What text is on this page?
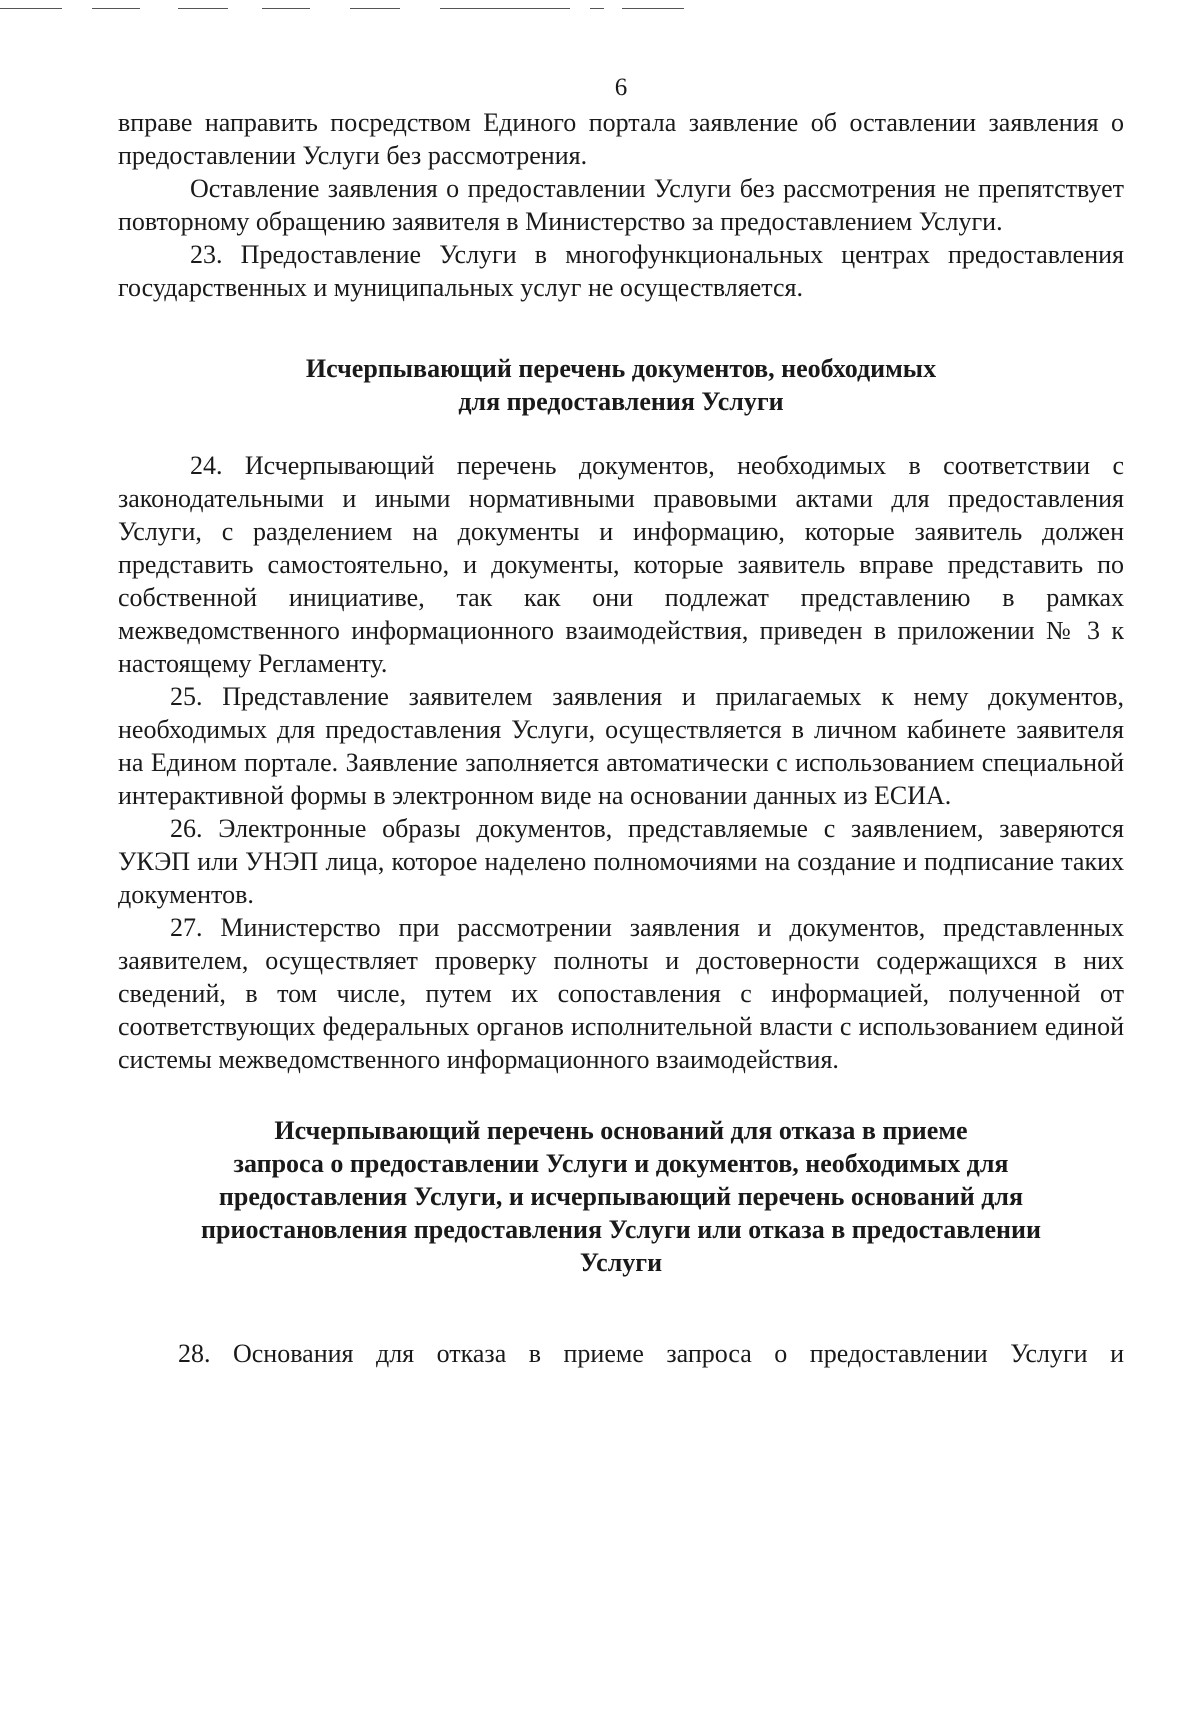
6

вправе направить посредством Единого портала заявление об оставлении заявления о предоставлении Услуги без рассмотрения.

Оставление заявления о предоставлении Услуги без рассмотрения не препятствует повторному обращению заявителя в Министерство за предоставлением Услуги.

23. Предоставление Услуги в многофункциональных центрах предоставления государственных и муниципальных услуг не осуществляется.

Исчерпывающий перечень документов, необходимых
для предоставления Услуги

24. Исчерпывающий перечень документов, необходимых в соответствии с законодательными и иными нормативными правовыми актами для предоставления Услуги, с разделением на документы и информацию, которые заявитель должен представить самостоятельно, и документы, которые заявитель вправе представить по собственной инициативе, так как они подлежат представлению в рамках межведомственного информационного взаимодействия, приведен в приложении № 3 к настоящему Регламенту.

25. Представление заявителем заявления и прилагаемых к нему документов, необходимых для предоставления Услуги, осуществляется в личном кабинете заявителя на Едином портале. Заявление заполняется автоматически с использованием специальной интерактивной формы в электронном виде на основании данных из ЕСИА.

26. Электронные образы документов, представляемые с заявлением, заверяются УКЭП или УНЭП лица, которое наделено полномочиями на создание и подписание таких документов.

27. Министерство при рассмотрении заявления и документов, представленных заявителем, осуществляет проверку полноты и достоверности содержащихся в них сведений, в том числе, путем их сопоставления с информацией, полученной от соответствующих федеральных органов исполнительной власти с использованием единой системы межведомственного информационного взаимодействия.

Исчерпывающий перечень оснований для отказа в приеме
запроса о предоставлении Услуги и документов, необходимых для
предоставления Услуги, и исчерпывающий перечень оснований для
приостановления предоставления Услуги или отказа в предоставлении
Услуги

28. Основания для отказа в приеме запроса о предоставлении Услуги и
